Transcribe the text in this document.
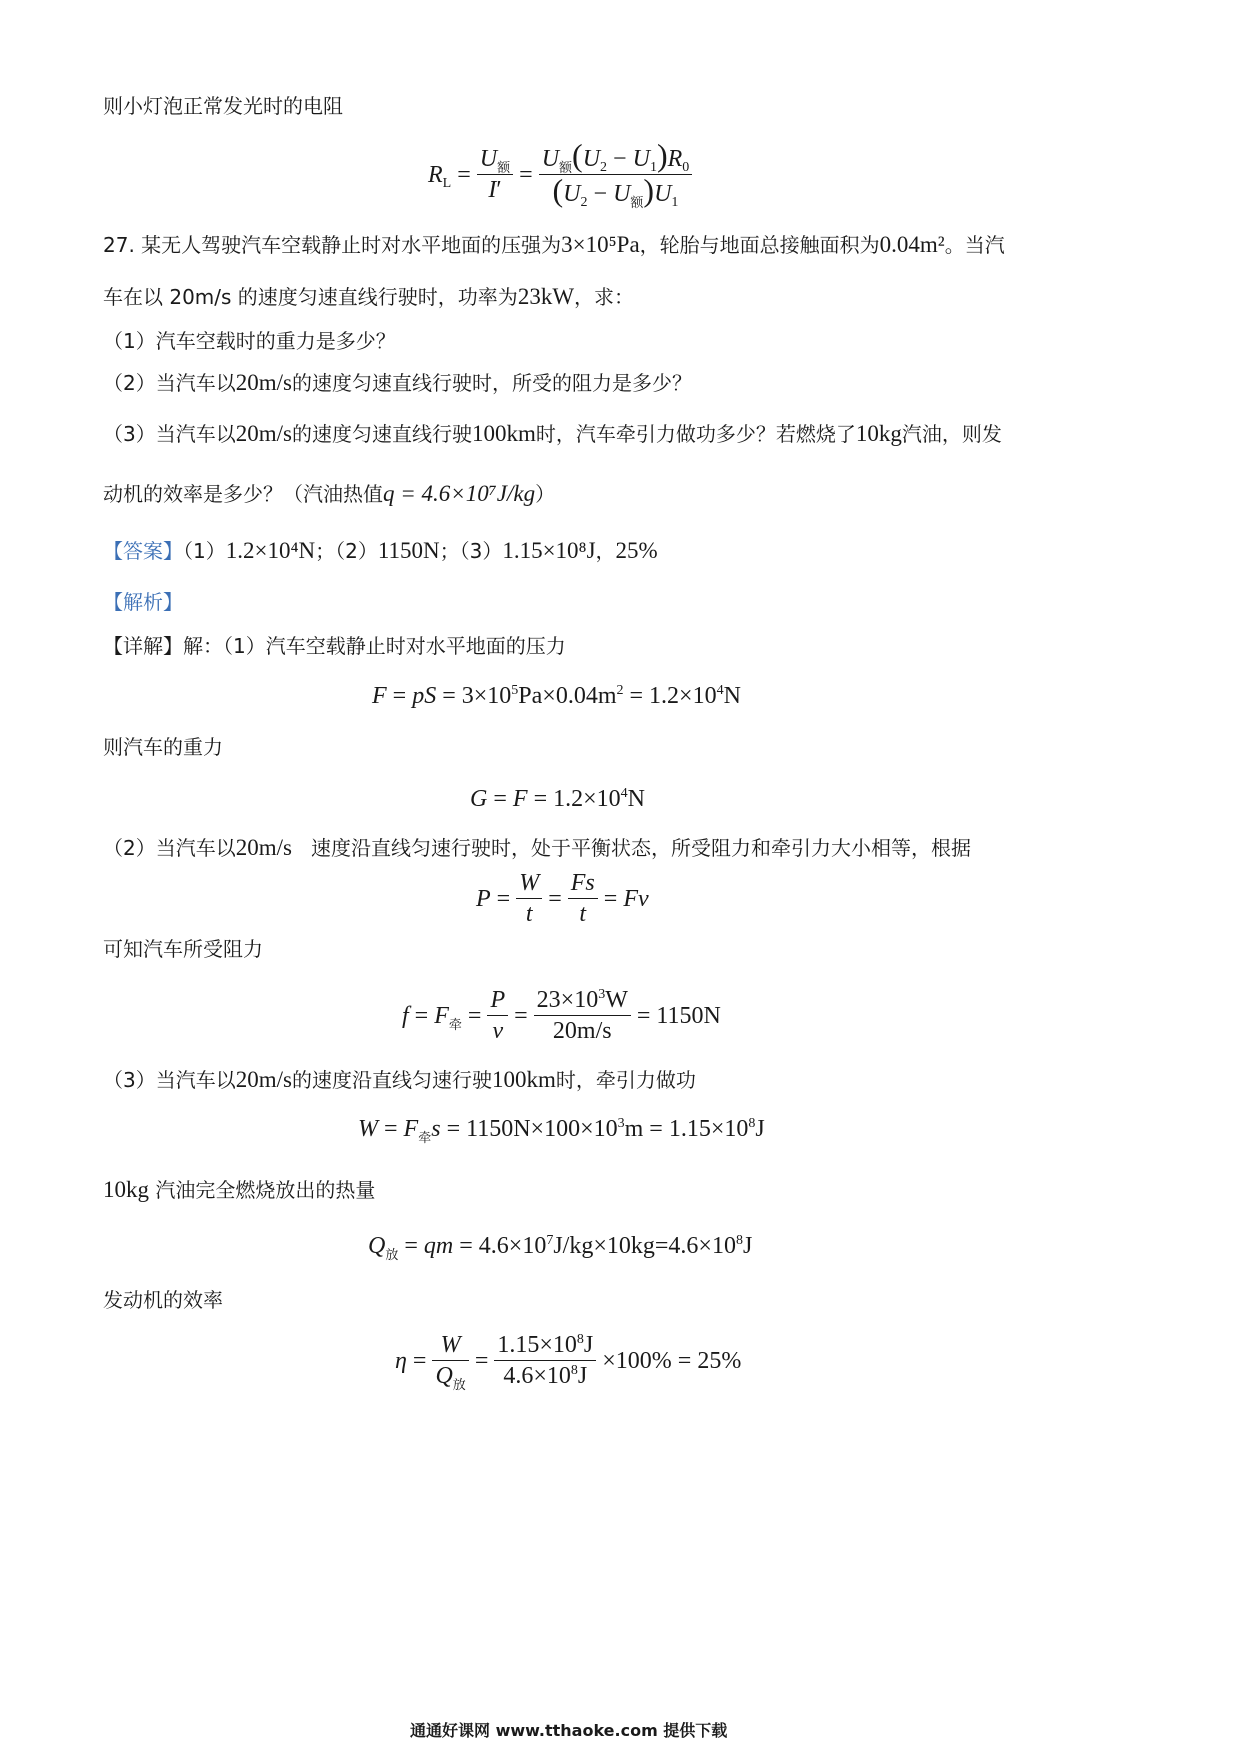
则小灯泡正常发光时的电阻
$R_L = \frac{U_额}{I'} = \frac{U_额(U_2 - U_1)R_0}{(U_2 - U_额)U_1}$
27. 某无人驾驶汽车空载静止时对水平地面的压强为3×10⁵Pa，轮胎与地面总接触面积为0.04m²。当汽
车在以 20m/s 的速度匀速直线行驶时，功率为23kW，求：
（1）汽车空载时的重力是多少？
（2）当汽车以20m/s的速度匀速直线行驶时，所受的阻力是多少？
（3）当汽车以20m/s的速度匀速直线行驶100km时，汽车牵引力做功多少？若燃烧了10kg汽油，则发
动机的效率是多少？（汽油热值q = 4.6×10⁷J/kg）
【答案】（1）1.2×10⁴N；（2）1150N；（3）1.15×10⁸J，25%
【解析】
【详解】解：（1）汽车空载静止时对水平地面的压力
F = pS = $3\times 10^5Pa\times 0.04m^2 = 1.2\times 10^4N$
则汽车的重力
$G = F = 1.2\times 10^4N$
（2）当汽车以20m/s 速度沿直线匀速行驶时，处于平衡状态，所受阻力和牵引力大小相等，根据
$P = \frac{W}{t} = \frac{Fs}{t} = Fv$
可知汽车所受阻力
$f = F_牵 = \frac{P}{v} = \frac{23\times 10^3W}{20m/s} = 1150N$
（3）当汽车以20m/s的速度沿直线匀速行驶100km时，牵引力做功
$W = F_牵s = 1150N\times 100\times 10^3m = 1.15\times 10^8J$
10kg 汽油完全燃烧放出的热量
$Q_放$ = qm = $4.6\times 10^7J/kg\times 10kg=4.6\times 10^8J$
发动机的效率
$\eta = \frac{W}{Q_放} = \frac{1.15\times 10^8J}{4.6\times 10^8J} \times 100\% = 25\%$
通通好课网 www.tthaoke.com 提供下载
